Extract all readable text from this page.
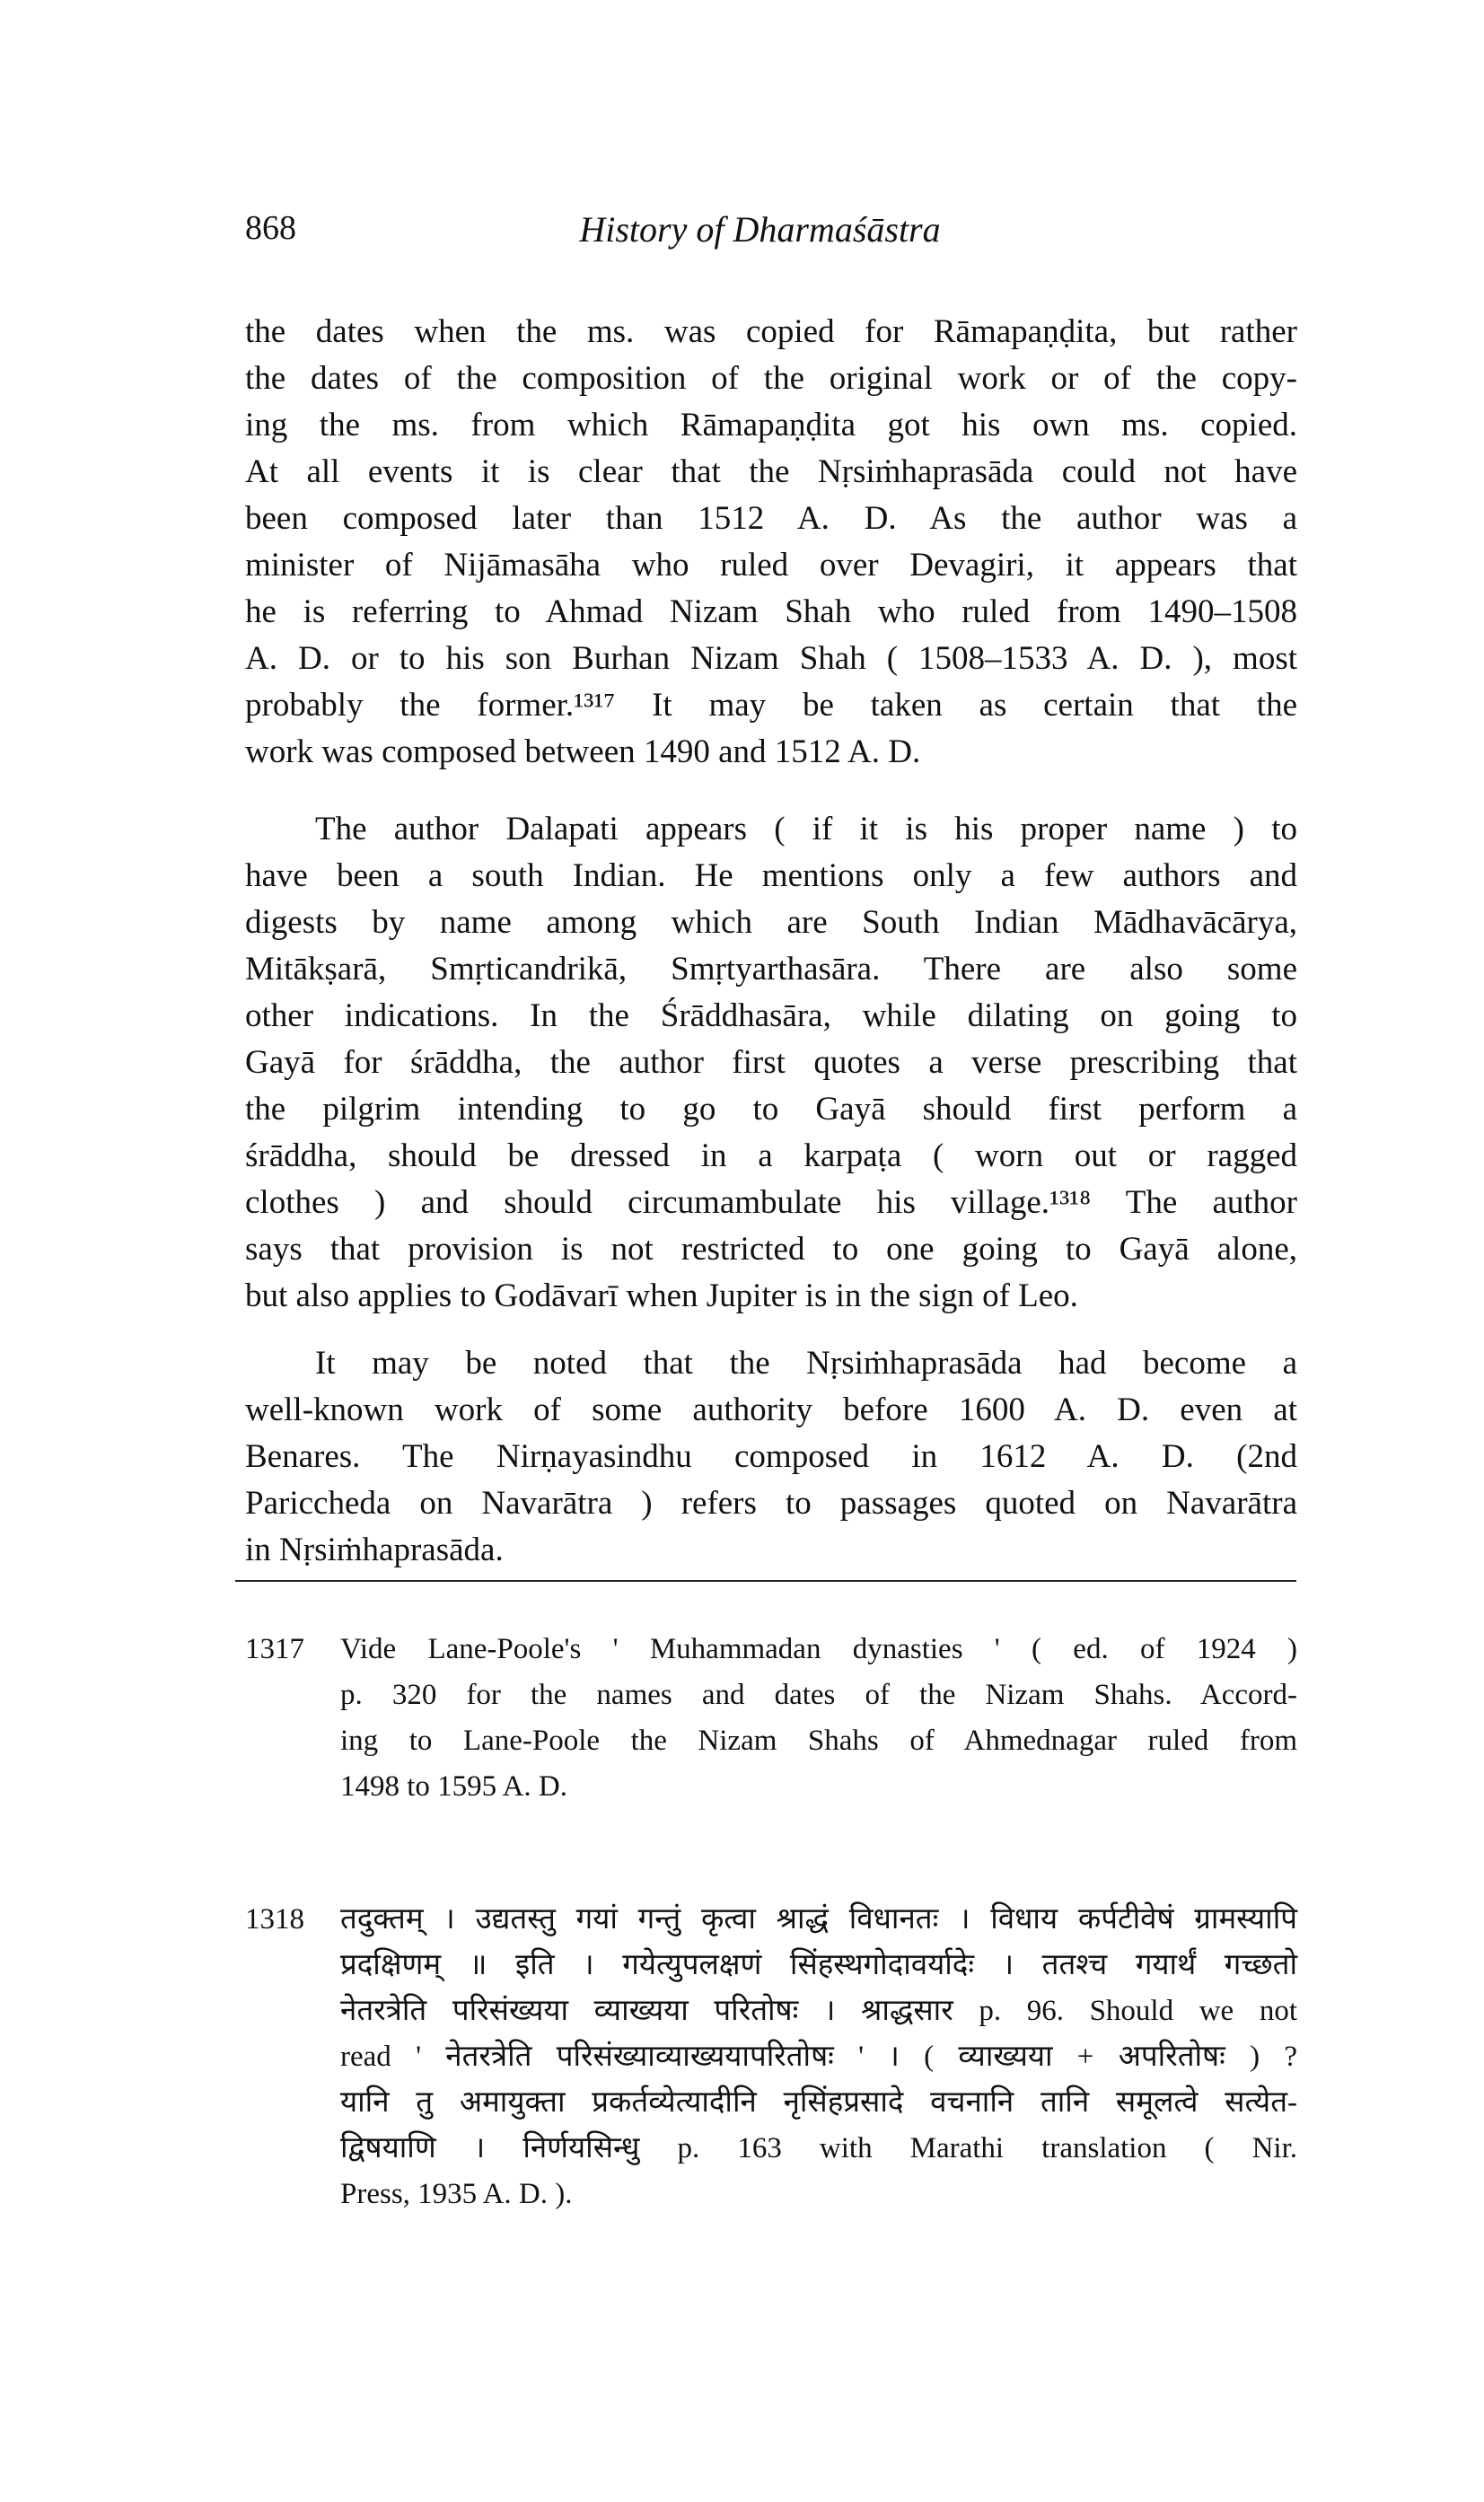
868	History of Dharmaśāstra
the dates when the ms. was copied for Rāmapaṇḍita, but rather
the dates of the composition of the original work or of the copy-
ing the ms. from which Rāmapaṇḍita got his own ms. copied.
At all events it is clear that the Nṛsiṁhaprasāda could not have
been composed later than 1512 A. D. As the author was a
minister of Nijāmasāha who ruled over Devagiri, it appears that
he is referring to Ahmad Nizam Shah who ruled from 1490–1508
A. D. or to his son Burhan Nizam Shah ( 1508–1533 A. D. ), most
probably the former.¹³¹⁷ It may be taken as certain that the
work was composed between 1490 and 1512 A. D.
The author Dalapati appears ( if it is his proper name ) to
have been a south Indian. He mentions only a few authors and
digests by name among which are South Indian Mādhavācārya,
Mitākṣarā, Smṛticandrikā, Smṛtyarthasāra. There are also some
other indications. In the Śrāddhasāra, while dilating on going to
Gayā for śrāddha, the author first quotes a verse prescribing that
the pilgrim intending to go to Gayā should first perform a
śrāddha, should be dressed in a karpaṭa ( worn out or ragged
clothes ) and should circumambulate his village.¹³¹⁸ The author
says that provision is not restricted to one going to Gayā alone,
but also applies to Godāvarī when Jupiter is in the sign of Leo.
It may be noted that the Nṛsiṁhaprasāda had become a
well-known work of some authority before 1600 A. D. even at
Benares. The Nirṇayasindhu composed in 1612 A. D. (2nd
Pariccheda on Navarātra ) refers to passages quoted on Navarātra
in Nṛsiṁhaprasāda.
1317 Vide Lane-Poole's ' Muhammadan dynasties ' ( ed. of 1924 )
p. 320 for the names and dates of the Nizam Shahs. Accord-
ing to Lane-Poole the Nizam Shahs of Ahmednagar ruled from
1498 to 1595 A. D.
1318 तदुक्तम् । उद्यतस्तु गयां गन्तुं कृत्वा श्राद्धं विधानतः । विधाय कर्पटीवेषं ग्रामस्यापि
प्रदक्षिणम् ॥ इति । गयेत्युपलक्षणं सिंहस्थगोदावर्यादेः । ततश्च गयार्थं गच्छतो
नेतरत्रेति परिसंख्यया व्याख्यया परितोषः । श्राद्धसार p. 96. Should we not
read ' नेतरत्रेति परिसंख्याव्याख्ययापरितोषः ' । ( व्याख्यया + अपरितोषः ) ?
यानि तु अमायुक्ता प्रकर्तव्येत्यादीनि नृसिंहप्रसादे वचनानि तानि समूलत्वे सत्येत-
द्विषयाणि । निर्णयसिन्धु p. 163 with Marathi translation ( Nir.
Press, 1935 A. D. ).
